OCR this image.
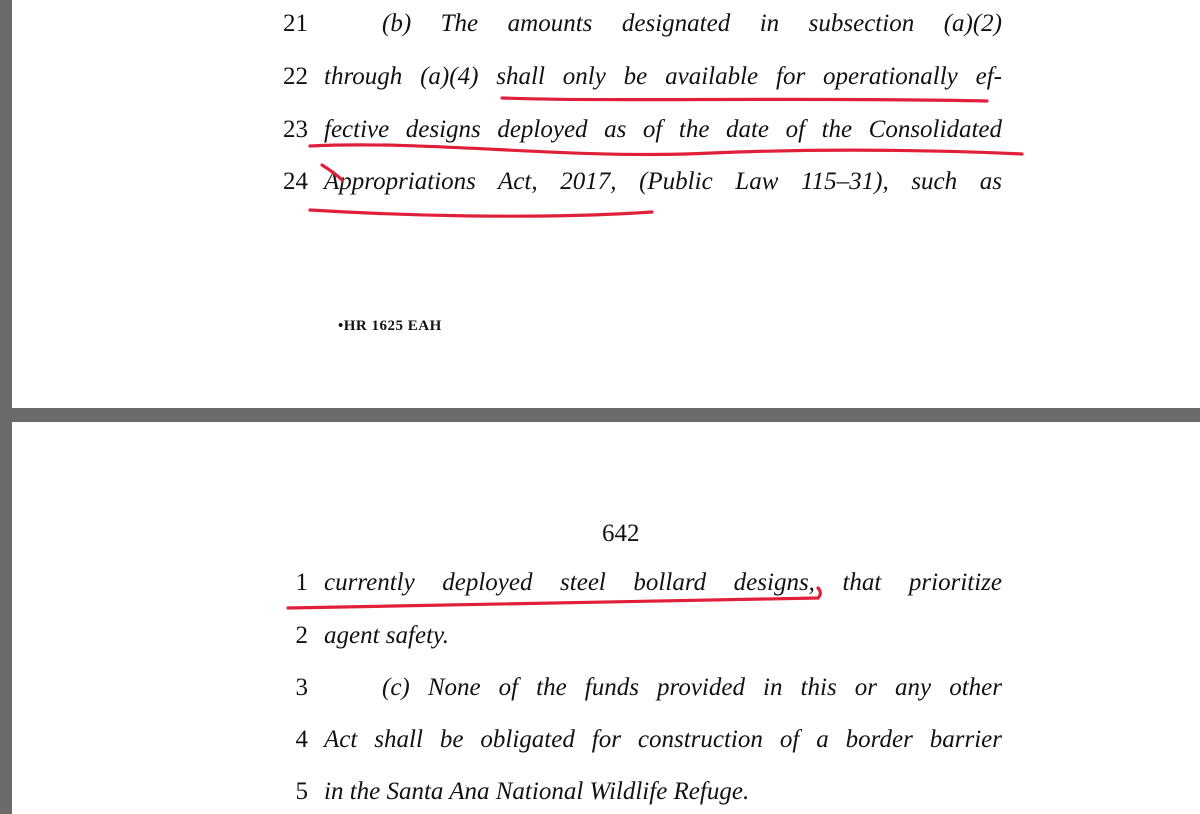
21	(b) The amounts designated in subsection (a)(2)
22 through (a)(4) shall only be available for operationally ef-
23 fective designs deployed as of the date of the Consolidated
24 Appropriations Act, 2017, (Public Law 115–31), such as
•HR 1625 EAH
642
1 currently deployed steel bollard designs, that prioritize
2 agent safety.
3	(c) None of the funds provided in this or any other
4 Act shall be obligated for construction of a border barrier
5 in the Santa Ana National Wildlife Refuge.
